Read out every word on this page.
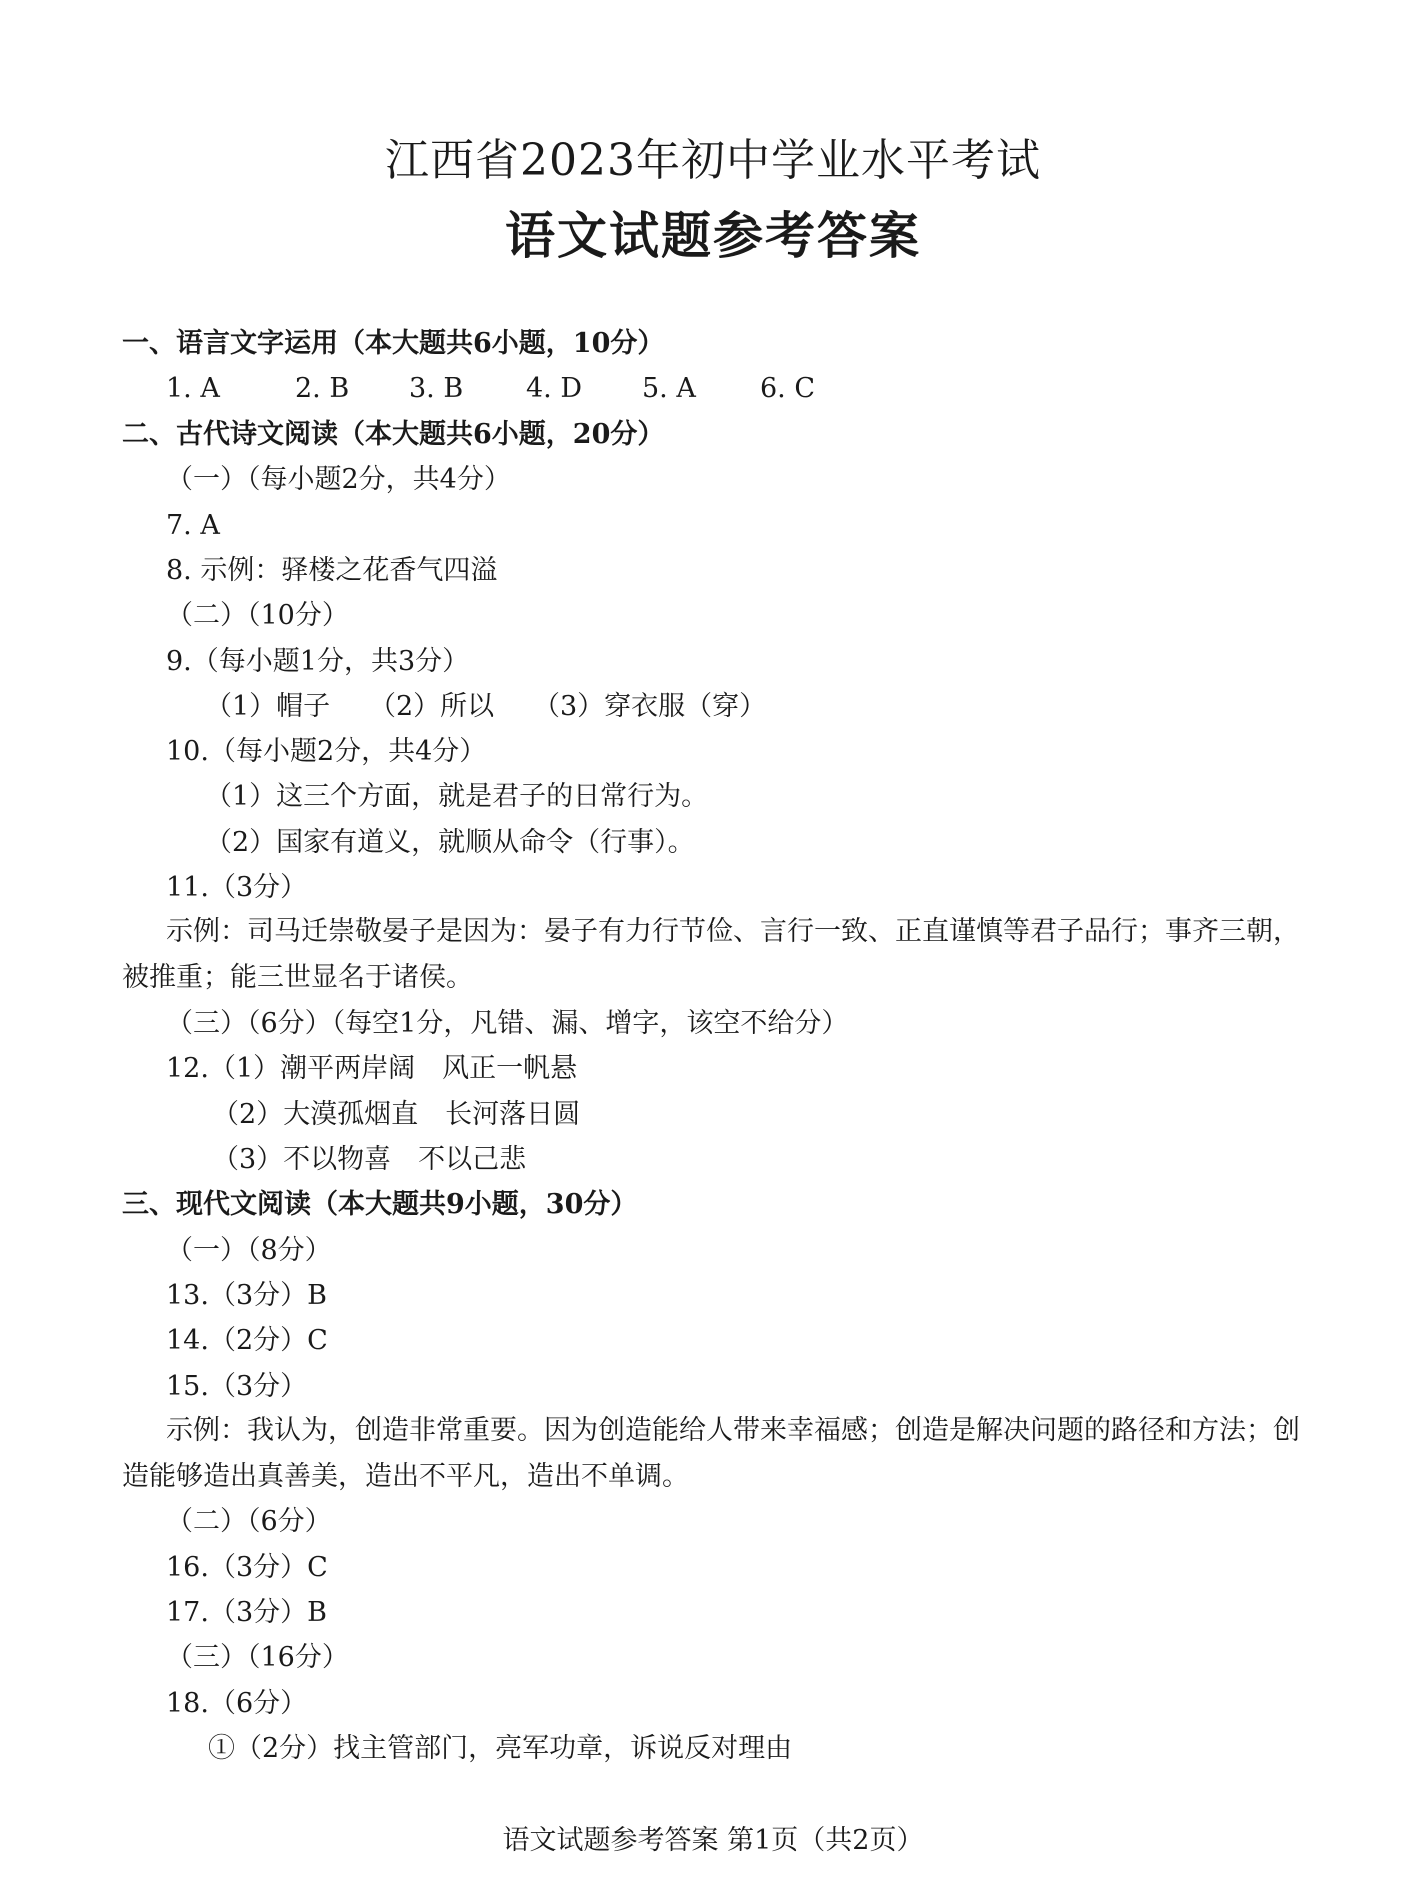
江西省2023年初中学业水平考试
语文试题参考答案
一、语言文字运用（本大题共6小题，10分）
1. A	2. B 3. B 4. D 5. A 6. C
二、古代诗文阅读（本大题共6小题，20分）
（一）（每小题2分，共4分）
7. A
8. 示例：驿楼之花香气四溢
（二）（10分）
9.（每小题1分，共3分）
（1）帽子 （2）所以 （3）穿衣服（穿）
10.（每小题2分，共4分）
（1）这三个方面，就是君子的日常行为。
（2）国家有道义，就顺从命令（行事）。
11.（3分）
示例：司马迁崇敬晏子是因为：晏子有力行节俭、言行一致、正直谨慎等君子品行；事齐三朝，被推重；能三世显名于诸侯。
（三）（6分）（每空1分，凡错、漏、增字，该空不给分）
12.（1）潮平两岸阔　风正一帆悬
（2）大漠孤烟直　长河落日圆
（3）不以物喜　不以己悲
三、现代文阅读（本大题共9小题，30分）
（一）（8分）
13.（3分）B
14.（2分）C
15.（3分）
示例：我认为，创造非常重要。因为创造能给人带来幸福感；创造是解决问题的路径和方法；创造能够造出真善美，造出不平凡，造出不单调。
（二）（6分）
16.（3分）C
17.（3分）B
（三）（16分）
18.（6分）
①（2分）找主管部门，亮军功章，诉说反对理由
语文试题参考答案 第1页（共2页）
